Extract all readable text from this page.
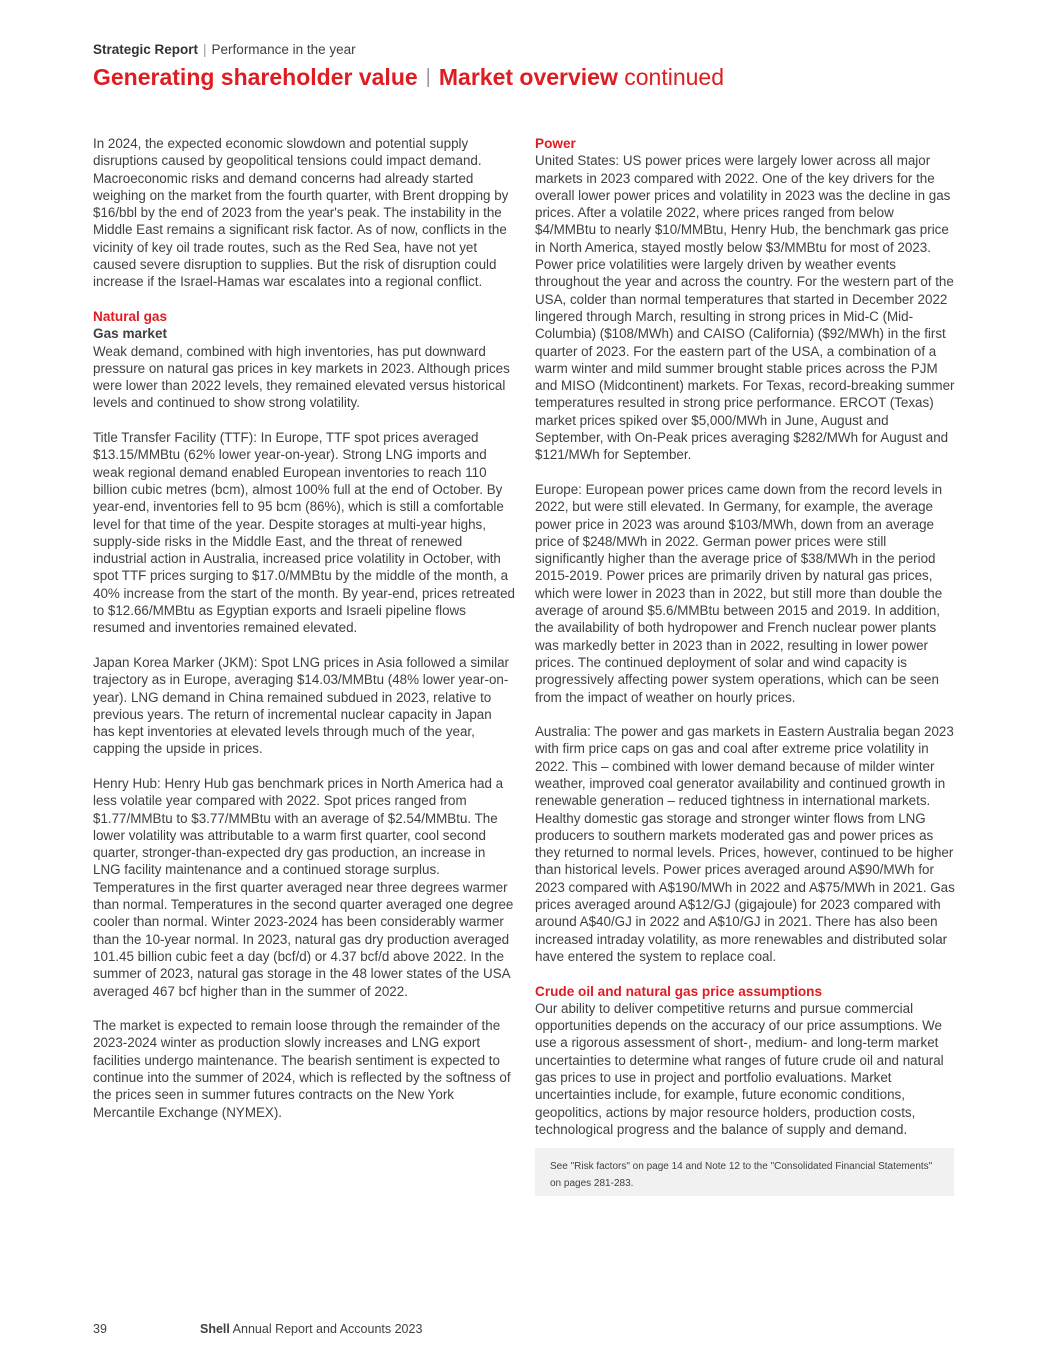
Strategic Report | Performance in the year
Generating shareholder value | Market overview continued

In 2024, the expected economic slowdown and potential supply disruptions caused by geopolitical tensions could impact demand. Macroeconomic risks and demand concerns had already started weighing on the market from the fourth quarter, with Brent dropping by $16/bbl by the end of 2023 from the year's peak. The instability in the Middle East remains a significant risk factor. As of now, conflicts in the vicinity of key oil trade routes, such as the Red Sea, have not yet caused severe disruption to supplies. But the risk of disruption could increase if the Israel-Hamas war escalates into a regional conflict.

Natural gas
Gas market

Weak demand, combined with high inventories, has put downward pressure on natural gas prices in key markets in 2023. Although prices were lower than 2022 levels, they remained elevated versus historical levels and continued to show strong volatility.

Title Transfer Facility (TTF): In Europe, TTF spot prices averaged $13.15/MMBtu (62% lower year-on-year). Strong LNG imports and weak regional demand enabled European inventories to reach 110 billion cubic metres (bcm), almost 100% full at the end of October. By year-end, inventories fell to 95 bcm (86%), which is still a comfortable level for that time of the year. Despite storages at multi-year highs, supply-side risks in the Middle East, and the threat of renewed industrial action in Australia, increased price volatility in October, with spot TTF prices surging to $17.0/MMBtu by the middle of the month, a 40% increase from the start of the month. By year-end, prices retreated to $12.66/MMBtu as Egyptian exports and Israeli pipeline flows resumed and inventories remained elevated.

Japan Korea Marker (JKM): Spot LNG prices in Asia followed a similar trajectory as in Europe, averaging $14.03/MMBtu (48% lower year-on-year). LNG demand in China remained subdued in 2023, relative to previous years. The return of incremental nuclear capacity in Japan has kept inventories at elevated levels through much of the year, capping the upside in prices.

Henry Hub: Henry Hub gas benchmark prices in North America had a less volatile year compared with 2022. Spot prices ranged from $1.77/MMBtu to $3.77/MMBtu with an average of $2.54/MMBtu. The lower volatility was attributable to a warm first quarter, cool second quarter, stronger-than-expected dry gas production, an increase in LNG facility maintenance and a continued storage surplus. Temperatures in the first quarter averaged near three degrees warmer than normal. Temperatures in the second quarter averaged one degree cooler than normal. Winter 2023-2024 has been considerably warmer than the 10-year normal. In 2023, natural gas dry production averaged 101.45 billion cubic feet a day (bcf/d) or 4.37 bcf/d above 2022. In the summer of 2023, natural gas storage in the 48 lower states of the USA averaged 467 bcf higher than in the summer of 2022.

The market is expected to remain loose through the remainder of the 2023-2024 winter as production slowly increases and LNG export facilities undergo maintenance. The bearish sentiment is expected to continue into the summer of 2024, which is reflected by the softness of the prices seen in summer futures contracts on the New York Mercantile Exchange (NYMEX).

Power

United States: US power prices were largely lower across all major markets in 2023 compared with 2022. One of the key drivers for the overall lower power prices and volatility in 2023 was the decline in gas prices. After a volatile 2022, where prices ranged from below $4/MMBtu to nearly $10/MMBtu, Henry Hub, the benchmark gas price in North America, stayed mostly below $3/MMBtu for most of 2023. Power price volatilities were largely driven by weather events throughout the year and across the country. For the western part of the USA, colder than normal temperatures that started in December 2022 lingered through March, resulting in strong prices in Mid-C (Mid-Columbia) ($108/MWh) and CAISO (California) ($92/MWh) in the first quarter of 2023. For the eastern part of the USA, a combination of a warm winter and mild summer brought stable prices across the PJM and MISO (Midcontinent) markets. For Texas, record-breaking summer temperatures resulted in strong price performance. ERCOT (Texas) market prices spiked over $5,000/MWh in June, August and September, with On-Peak prices averaging $282/MWh for August and $121/MWh for September.

Europe: European power prices came down from the record levels in 2022, but were still elevated. In Germany, for example, the average power price in 2023 was around $103/MWh, down from an average price of $248/MWh in 2022. German power prices were still significantly higher than the average price of $38/MWh in the period 2015-2019. Power prices are primarily driven by natural gas prices, which were lower in 2023 than in 2022, but still more than double the average of around $5.6/MMBtu between 2015 and 2019. In addition, the availability of both hydropower and French nuclear power plants was markedly better in 2023 than in 2022, resulting in lower power prices. The continued deployment of solar and wind capacity is progressively affecting power system operations, which can be seen from the impact of weather on hourly prices.

Australia: The power and gas markets in Eastern Australia began 2023 with firm price caps on gas and coal after extreme price volatility in 2022. This – combined with lower demand because of milder winter weather, improved coal generator availability and continued growth in renewable generation – reduced tightness in international markets. Healthy domestic gas storage and stronger winter flows from LNG producers to southern markets moderated gas and power prices as they returned to normal levels. Prices, however, continued to be higher than historical levels. Power prices averaged around A$90/MWh for 2023 compared with A$190/MWh in 2022 and A$75/MWh in 2021. Gas prices averaged around A$12/GJ (gigajoule) for 2023 compared with around A$40/GJ in 2022 and A$10/GJ in 2021. There has also been increased intraday volatility, as more renewables and distributed solar have entered the system to replace coal.

Crude oil and natural gas price assumptions

Our ability to deliver competitive returns and pursue commercial opportunities depends on the accuracy of our price assumptions. We use a rigorous assessment of short-, medium- and long-term market uncertainties to determine what ranges of future crude oil and natural gas prices to use in project and portfolio evaluations. Market uncertainties include, for example, future economic conditions, geopolitics, actions by major resource holders, production costs, technological progress and the balance of supply and demand.

See "Risk factors" on page 14 and Note 12 to the "Consolidated Financial Statements" on pages 281-283.
39	Shell Annual Report and Accounts 2023
